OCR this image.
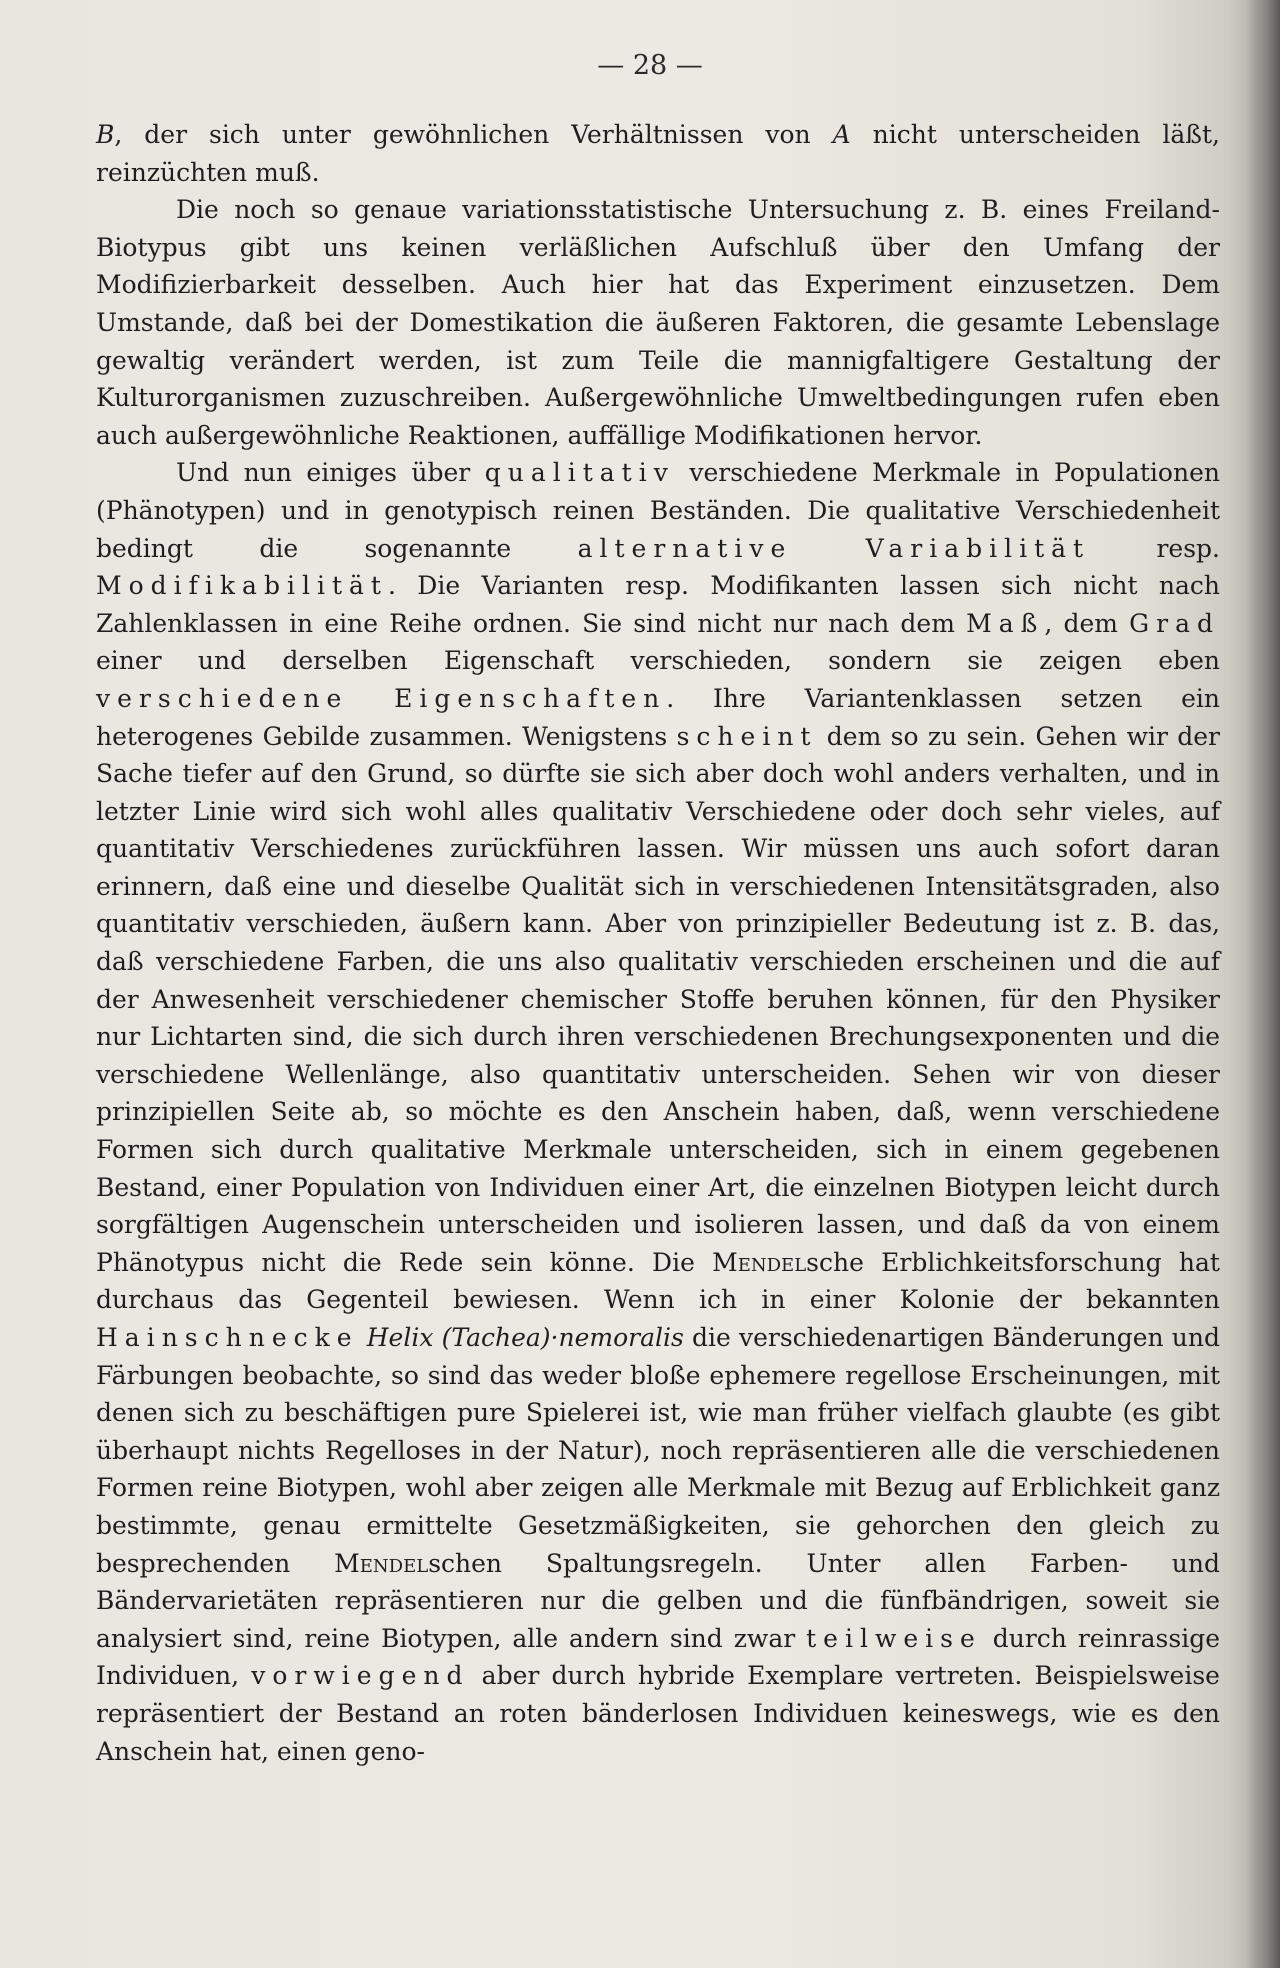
— 28 —

B, der sich unter gewöhnlichen Verhältnissen von A nicht unterscheiden läßt, reinzüchten muß.

Die noch so genaue variationsstatistische Untersuchung z. B. eines Freiland-Biotypus gibt uns keinen verläßlichen Aufschluß über den Umfang der Modifizierbarkeit desselben. Auch hier hat das Experiment einzusetzen. Dem Umstande, daß bei der Domestikation die äußeren Faktoren, die gesamte Lebenslage gewaltig verändert werden, ist zum Teile die mannigfaltigere Gestaltung der Kulturorganismen zuzuschreiben. Außergewöhnliche Umweltbedingungen rufen eben auch außergewöhnliche Reaktionen, auffällige Modifikationen hervor.

Und nun einiges über qualitativ verschiedene Merkmale in Populationen (Phänotypen) und in genotypisch reinen Beständen. Die qualitative Verschiedenheit bedingt die sogenannte alternative Variabilität resp. Modifikabilität. Die Varianten resp. Modifikanten lassen sich nicht nach Zahlenklassen in eine Reihe ordnen. Sie sind nicht nur nach dem Maß, dem Grad einer und derselben Eigenschaft verschieden, sondern sie zeigen eben verschiedene Eigenschaften. Ihre Variantenklassen setzen ein heterogenes Gebilde zusammen. Wenigstens scheint dem so zu sein. Gehen wir der Sache tiefer auf den Grund, so dürfte sie sich aber doch wohl anders verhalten, und in letzter Linie wird sich wohl alles qualitativ Verschiedene oder doch sehr vieles, auf quantitativ Verschiedenes zurückführen lassen. Wir müssen uns auch sofort daran erinnern, daß eine und dieselbe Qualität sich in verschiedenen Intensitätsgraden, also quantitativ verschieden, äußern kann. Aber von prinzipieller Bedeutung ist z. B. das, daß verschiedene Farben, die uns also qualitativ verschieden erscheinen und die auf der Anwesenheit verschiedener chemischer Stoffe beruhen können, für den Physiker nur Lichtarten sind, die sich durch ihren verschiedenen Brechungsexponenten und die verschiedene Wellenlänge, also quantitativ unterscheiden. Sehen wir von dieser prinzipiellen Seite ab, so möchte es den Anschein haben, daß, wenn verschiedene Formen sich durch qualitative Merkmale unterscheiden, sich in einem gegebenen Bestand, einer Population von Individuen einer Art, die einzelnen Biotypen leicht durch sorgfältigen Augenschein unterscheiden und isolieren lassen, und daß da von einem Phänotypus nicht die Rede sein könne. Die Mendelsche Erblichkeitsforschung hat durchaus das Gegenteil bewiesen. Wenn ich in einer Kolonie der bekannten Hainschnecke Helix (Tachea)·nemoralis die verschiedenartigen Bänderungen und Färbungen beobachte, so sind das weder bloße ephemere regellose Erscheinungen, mit denen sich zu beschäftigen pure Spielerei ist, wie man früher vielfach glaubte (es gibt überhaupt nichts Regelloses in der Natur), noch repräsentieren alle die verschiedenen Formen reine Biotypen, wohl aber zeigen alle Merkmale mit Bezug auf Erblichkeit ganz bestimmte, genau ermittelte Gesetzmäßigkeiten, sie gehorchen den gleich zu besprechenden Mendelschen Spaltungsregeln. Unter allen Farben- und Bändervarietäten repräsentieren nur die gelben und die fünfbändrigen, soweit sie analysiert sind, reine Biotypen, alle andern sind zwar teilweise durch reinrassige Individuen, vorwiegend aber durch hybride Exemplare vertreten. Beispielsweise repräsentiert der Bestand an roten bänderlosen Individuen keineswegs, wie es den Anschein hat, einen geno-
